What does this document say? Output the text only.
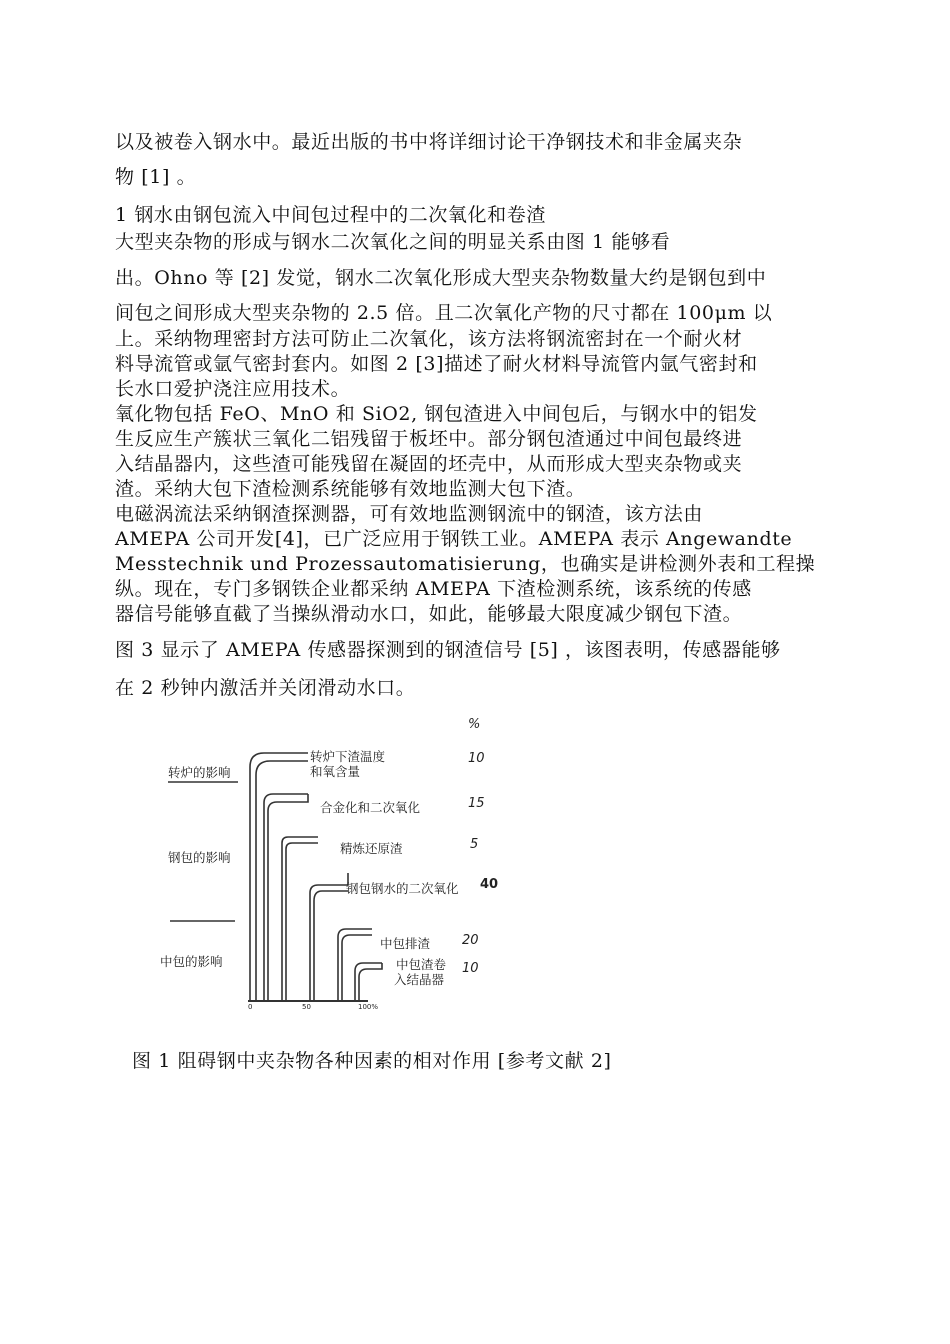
以及被卷入钢水中。最近出版的书中将详细讨论干净钢技术和非金属夹杂
物 [1] 。
1 钢水由钢包流入中间包过程中的二次氧化和卷渣
大型夹杂物的形成与钢水二次氧化之间的明显关系由图 1 能够看
出。Ohno 等 [2] 发觉，钢水二次氧化形成大型夹杂物数量大约是钢包到中
间包之间形成大型夹杂物的 2.5 倍。且二次氧化产物的尺寸都在 100μm 以
上。采纳物理密封方法可防止二次氧化，该方法将钢流密封在一个耐火材
料导流管或氩气密封套内。如图 2 [3]描述了耐火材料导流管内氩气密封和
长水口爱护浇注应用技术。
氧化物包括 FeO、MnO 和 SiO2, 钢包渣进入中间包后，与钢水中的铝发
生反应生产簇状三氧化二铝残留于板坯中。部分钢包渣通过中间包最终进
入结晶器内，这些渣可能残留在凝固的坯壳中，从而形成大型夹杂物或夹
渣。采纳大包下渣检测系统能够有效地监测大包下渣。
电磁涡流法采纳钢渣探测器，可有效地监测钢流中的钢渣，该方法由
AMEPA 公司开发[4]，已广泛应用于钢铁工业。AMEPA 表示 Angewandte
Messtechnik und Prozessautomatisierung，也确实是讲检测外表和工程操
纵。现在，专门多钢铁企业都采纳 AMEPA 下渣检测系统，该系统的传感
器信号能够直截了当操纵滑动水口，如此，能够最大限度减少钢包下渣。
图 3 显示了 AMEPA 传感器探测到的钢渣信号 [5] ，该图表明，传感器能够
在 2 秒钟内激活并关闭滑动水口。
%
转炉的影响
钢包的影响
中包的影响
转炉下渣温度
和氧含量
10
合金化和二次氧化	15
精炼还原渣	5
钢包钢水的二次氧化 40
中包排渣 20
中包渣卷
入结晶器
10
0	50	100%
图 1 阻碍钢中夹杂物各种因素的相对作用 [参考文献 2]
